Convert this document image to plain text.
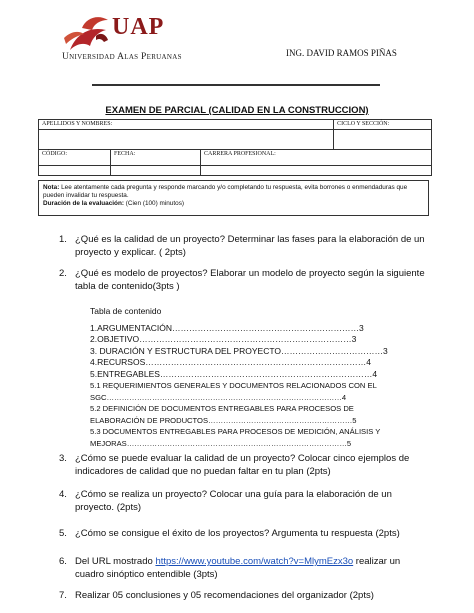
UAP
Universidad Alas Peruanas	ING. DAVID RAMOS PIÑAS
EXAMEN DE PARCIAL (CALIDAD EN LA CONSTRUCCION)
APELLIDOS Y NOMBRES:			CICLO Y SECCIÓN:

CÓDIGO:	FECHA:	CARRERA PROFESIONAL:	

Nota: Lee atentamente cada pregunta y responde marcando y/o completando tu respuesta, evita borrones o enmendaduras que pueden invalidar tu respuesta.
Duración de la evaluación: (Cien (100) minutos)
1. ¿Qué es la calidad de un proyecto? Determinar las fases para la elaboración de un proyecto y explicar. ( 2pts)
2. ¿Qué es modelo de proyectos? Elaborar un modelo de proyecto según la siguiente tabla de contenido(3pts )
Tabla de contenido
1.ARGUMENTACIÓN…………………………………………………………3
2.OBJETIVO…………………………………………………………………3
3. DURACIÓN Y ESTRUCTURA DEL PROYECTO………………………………3
4.RECURSOS……………………………………………………………………4
5.ENTREGABLES…………………………………………………………………4
5.1 REQUERIMIENTOS GENERALES Y DOCUMENTOS RELACIONADOS CON EL
SGC…………………………………………………………………………………4
5.2 DEFINICIÓN DE DOCUMENTOS ENTREGABLES PARA PROCESOS DE
ELABORACIÓN DE PRODUCTOS…………………………………………………5
5.3 DOCUMENTOS ENTREGABLES PARA PROCESOS DE MEDICIÓN, ANÁLISIS Y
MEJORAS……………………………………………………………………………5
3. ¿Cómo se puede evaluar la calidad de un proyecto? Colocar cinco ejemplos de indicadores de calidad que no puedan faltar en tu plan (2pts)
4. ¿Cómo se realiza un proyecto? Colocar una guía para la elaboración de un proyecto. (2pts)
5. ¿Cómo se consigue el éxito de los proyectos? Argumenta tu respuesta (2pts)
6. Del URL mostrado https://www.youtube.com/watch?v=MlymEzx3o realizar un cuadro sinóptico entendible (3pts)
7. Realizar 05 conclusiones y 05 recomendaciones del organizador (2pts)
